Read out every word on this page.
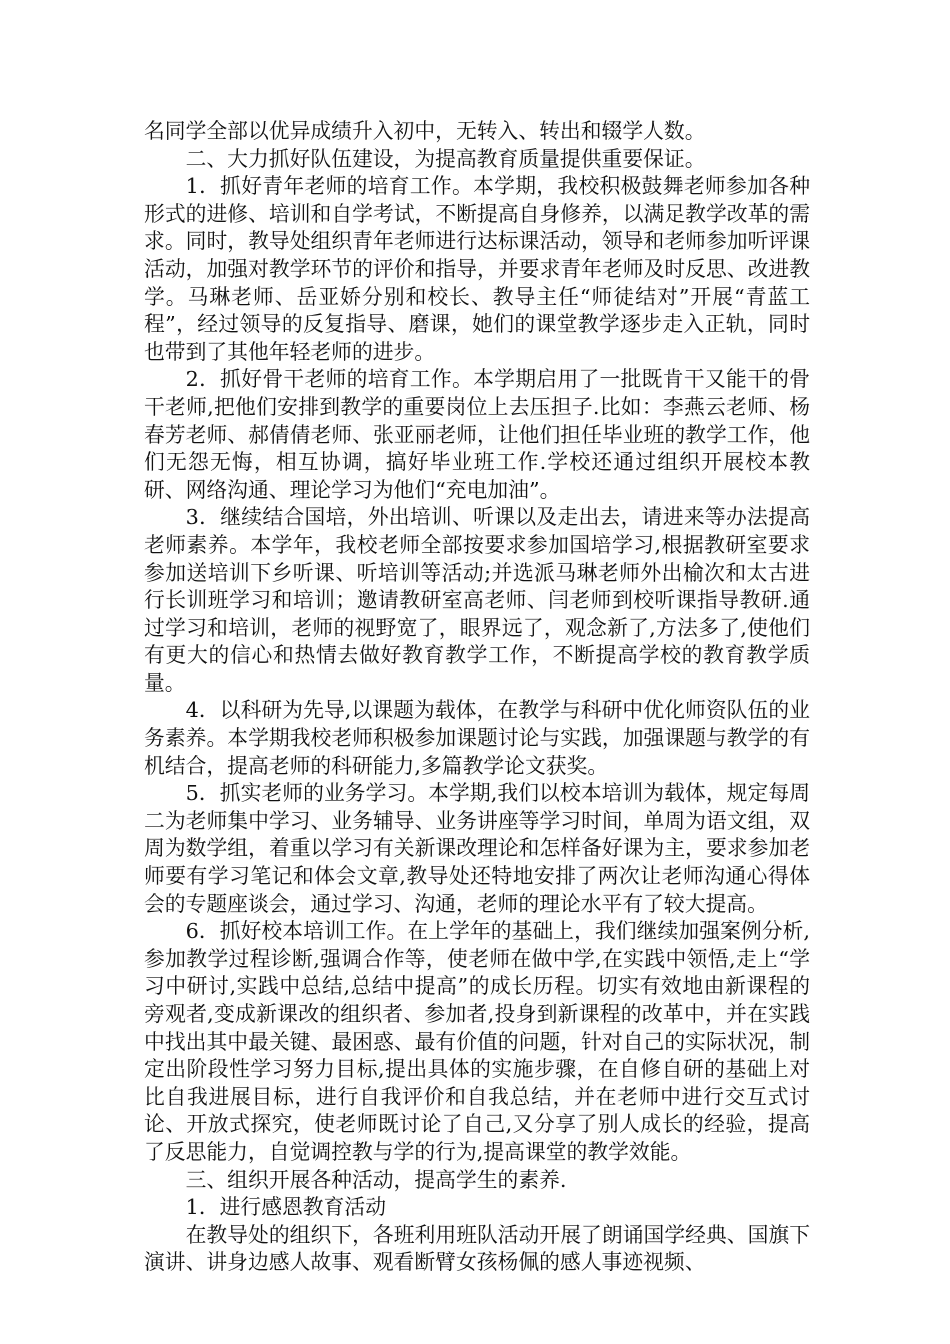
名同学全部以优异成绩升入初中，无转入、转出和辍学人数。

二、大力抓好队伍建设，为提高教育质量提供重要保证。

1．抓好青年老师的培育工作。本学期，我校积极鼓舞老师参加各种形式的进修、培训和自学考试，不断提高自身修养，以满足教学改革的需求。同时，教导处组织青年老师进行达标课活动，领导和老师参加听评课活动，加强对教学环节的评价和指导，并要求青年老师及时反思、改进教学。马琳老师、岳亚娇分别和校长、教导主任“师徒结对”开展“青蓝工程”，经过领导的反复指导、磨课，她们的课堂教学逐步走入正轨，同时也带到了其他年轻老师的进步。

2．抓好骨干老师的培育工作。本学期启用了一批既肯干又能干的骨干老师,把他们安排到教学的重要岗位上去压担子.比如：李燕云老师、杨春芳老师、郝倩倩老师、张亚丽老师，让他们担任毕业班的教学工作，他们无怨无悔，相互协调，搞好毕业班工作.学校还通过组织开展校本教研、网络沟通、理论学习为他们“充电加油”。

3．继续结合国培，外出培训、听课以及走出去，请进来等办法提高老师素养。本学年，我校老师全部按要求参加国培学习,根据教研室要求参加送培训下乡听课、听培训等活动;并选派马琳老师外出榆次和太古进行长训班学习和培训；邀请教研室高老师、闫老师到校听课指导教研.通过学习和培训，老师的视野宽了，眼界远了，观念新了,方法多了,使他们有更大的信心和热情去做好教育教学工作，不断提高学校的教育教学质量。

4．以科研为先导,以课题为载体，在教学与科研中优化师资队伍的业务素养。本学期我校老师积极参加课题讨论与实践，加强课题与教学的有机结合，提高老师的科研能力,多篇教学论文获奖。

5．抓实老师的业务学习。本学期,我们以校本培训为载体，规定每周二为老师集中学习、业务辅导、业务讲座等学习时间，单周为语文组，双周为数学组，着重以学习有关新课改理论和怎样备好课为主，要求参加老师要有学习笔记和体会文章,教导处还特地安排了两次让老师沟通心得体会的专题座谈会，通过学习、沟通，老师的理论水平有了较大提高。

6．抓好校本培训工作。在上学年的基础上，我们继续加强案例分析,参加教学过程诊断,强调合作等，使老师在做中学,在实践中领悟,走上“学习中研讨,实践中总结,总结中提高”的成长历程。切实有效地由新课程的旁观者,变成新课改的组织者、参加者,投身到新课程的改革中，并在实践中找出其中最关键、最困惑、最有价值的问题，针对自己的实际状况，制定出阶段性学习努力目标,提出具体的实施步骤，在自修自研的基础上对比自我进展目标，进行自我评价和自我总结，并在老师中进行交互式讨论、开放式探究，使老师既讨论了自己,又分享了别人成长的经验，提高了反思能力，自觉调控教与学的行为,提高课堂的教学效能。

三、组织开展各种活动，提高学生的素养.

1．进行感恩教育活动

在教导处的组织下，各班利用班队活动开展了朗诵国学经典、国旗下演讲、讲身边感人故事、观看断臂女孩杨佩的感人事迹视频、
